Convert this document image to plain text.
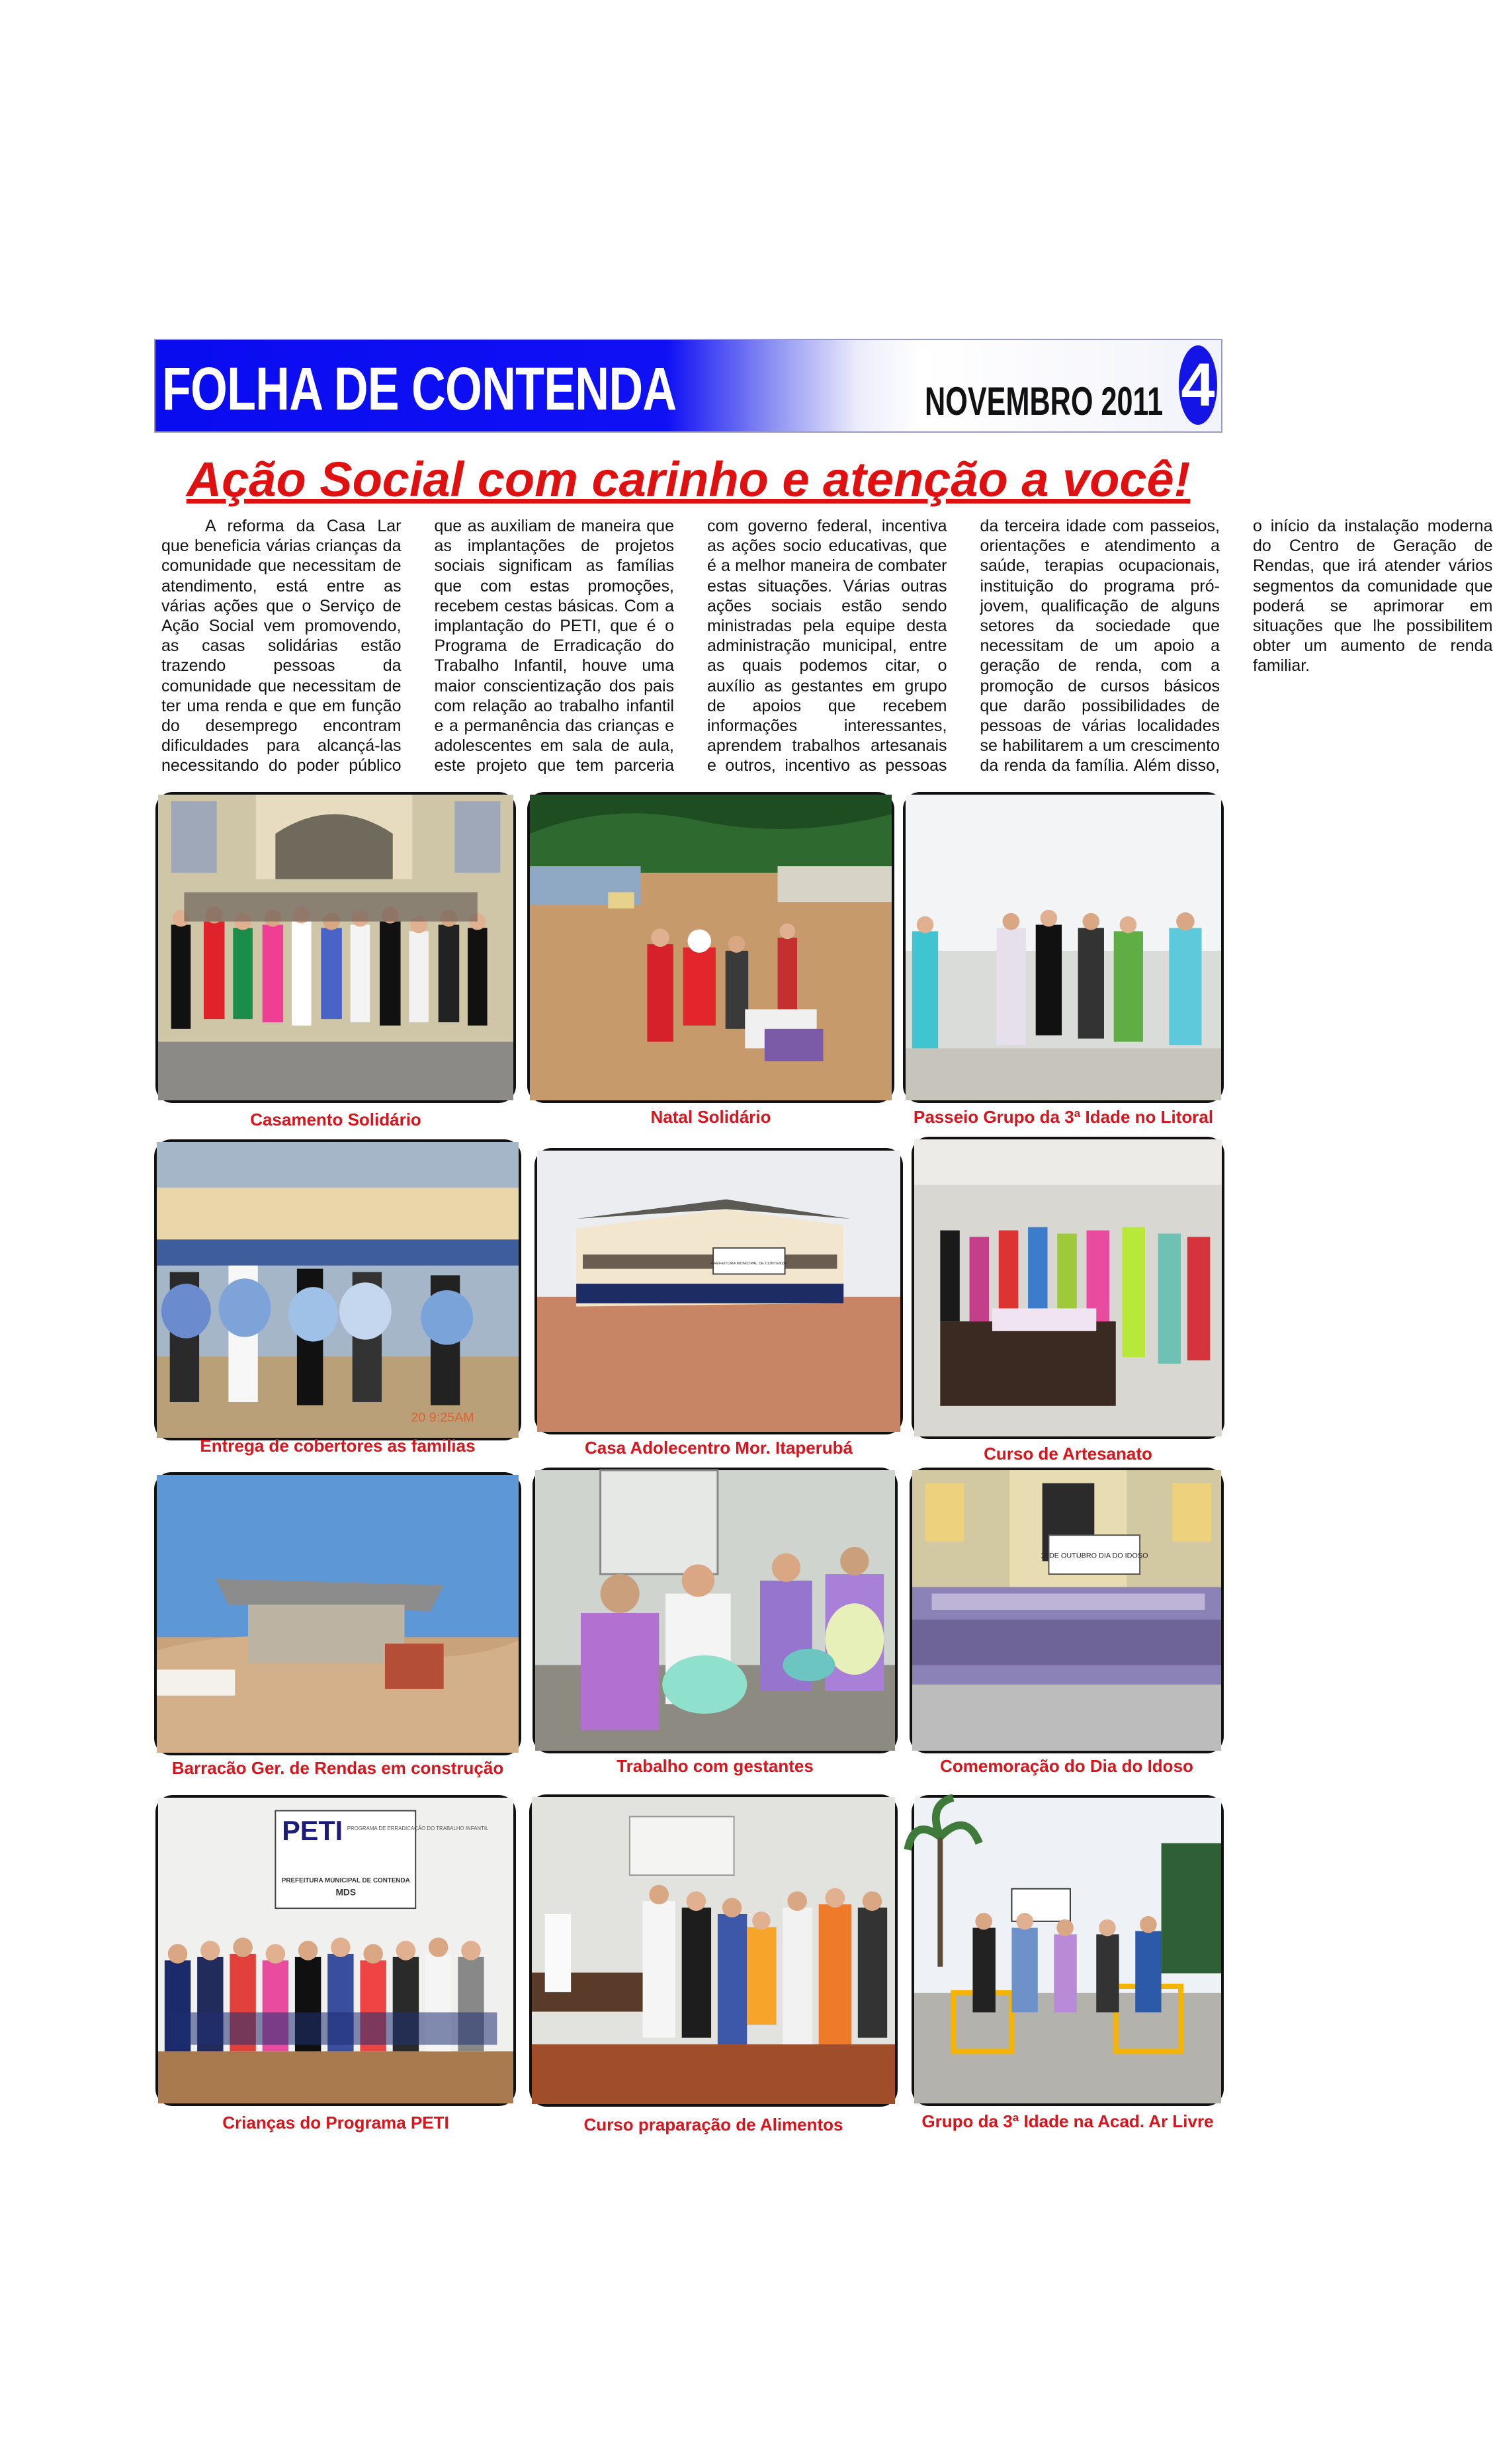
FOLHA DE CONTENDA	NOVEMBRO 2011 4
Ação Social com carinho e atenção a você!

A reforma da Casa Lar que beneficia várias crianças da comunidade que necessitam de atendimento, está entre as várias ações que o Serviço de Ação Social vem promovendo, as casas solidárias estão trazendo pessoas da comunidade que necessitam de ter uma renda e que em função do desemprego encontram dificuldades para alcançá-las necessitando do poder público que as auxiliam de maneira que as implantações de projetos sociais significam as famílias que com estas promoções, recebem cestas básicas. Com a implantação do PETI, que é o Programa de Erradicação do Trabalho Infantil, houve uma maior conscientização dos pais com relação ao trabalho infantil e a permanência das crianças e adolescentes em sala de aula, este projeto que tem parceria com governo federal, incentiva as ações socio educativas, que é a melhor maneira de combater estas situações. Várias outras ações sociais estão sendo ministradas pela equipe desta administração municipal, entre as quais podemos citar, o auxílio as gestantes em grupo de apoios que recebem informações interessantes, aprendem trabalhos artesanais e outros, incentivo as pessoas da terceira idade com passeios, orientações e atendimento a saúde, terapias ocupacionais, instituição do programa pró-jovem, qualificação de alguns setores da sociedade que necessitam de um apoio a geração de renda, com a promoção de cursos básicos que darão possibilidades de pessoas de várias localidades se habilitarem a um crescimento da renda da família. Além disso, o início da instalação moderna do Centro de Geração de Rendas, que irá atender vários segmentos da comunidade que poderá se aprimorar em situações que lhe possibilitem obter um aumento de renda familiar.

Casamento Solidário	Natal Solidário	Passeio Grupo da 3ª Idade no Litoral
20 9:25AM
Entrega de cobertores as familias
PREFEITURA MUNICIPAL DE CONTENDA
Casa Adolecentro Mor. Itaperubá	Curso de Artesanato
Barracão Ger. de Rendas em construção	Trabalho com gestantes
1º DE OUTUBRO DIA DO IDOSO
Comemoração do Dia do Idoso
PETI PROGRAMA DE ERRADICAÇÃO DO TRABALHO INFANTIL
PREFEITURA MUNICIPAL DE CONTENDA
MDS
Crianças do Programa PETI	Curso praparação de Alimentos	Grupo da 3ª Idade na Acad. Ar Livre
